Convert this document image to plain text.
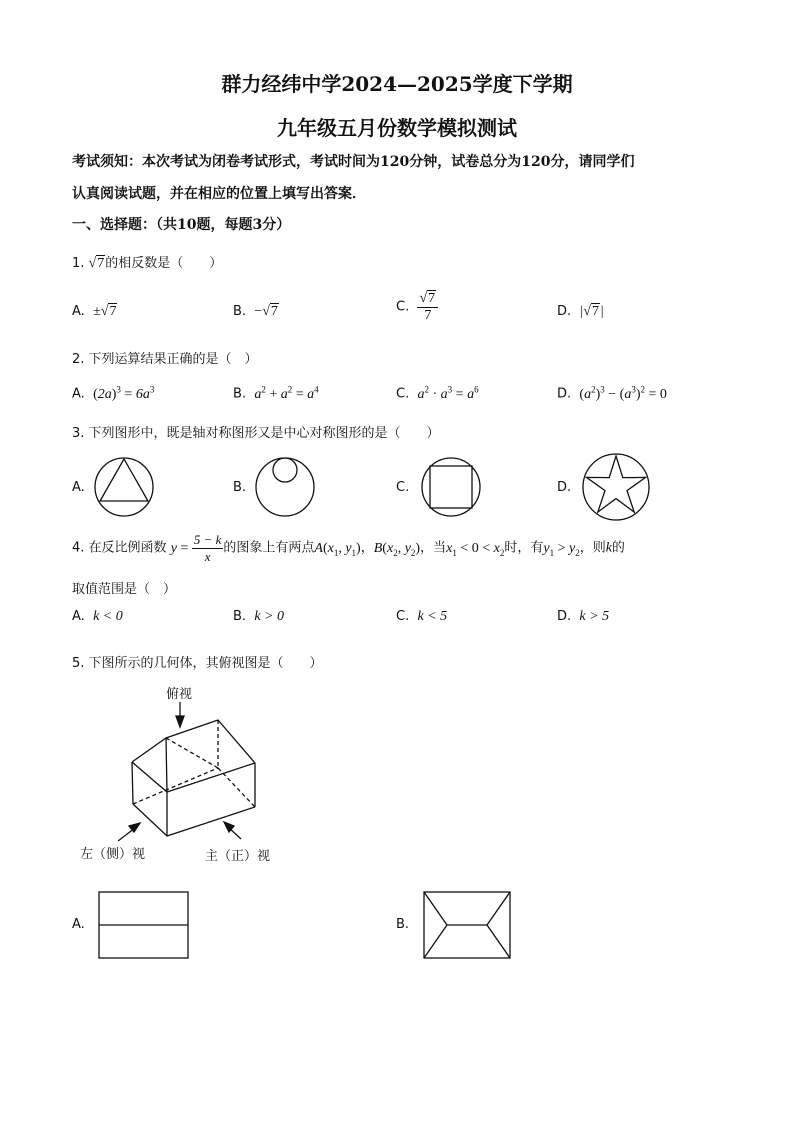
群力经纬中学2024—2025学度下学期
九年级五月份数学模拟测试
考试须知：本次考试为闭卷考试形式，考试时间为120分钟，试卷总分为120分，请同学们
认真阅读试题，并在相应的位置上填写出答案．
一、选择题：（共10题，每题3分）
1. √7的相反数是（　　）
A. ±√7	B. −√7	C. $\frac{√7}{7}$	D. |√7|
2. 下列运算结果正确的是（　）
A. $(2a)^3 = 6a^3$	B. $a^2 + a^2 = a^4$	C. $a^2 \cdot a^3 = a^6$	D. $(a^2)^3 - (a^3)^2 = 0$
3. 下列图形中，既是轴对称图形又是中心对称图形的是（　　）
A.	B.	C.	D.
4. 在反比例函数 $y = \frac{5 - k}{x}$ 的图象上有两点$A(x_1$, $y_1$)，$B(x_2$, $y_2$)，当$x_1 < 0 < x_2$时，有$y_1 > y_2$，则k的
取值范围是（　）
A. k < 0	B. k > 0	C. k < 5	D. k > 5
5. 下图所示的几何体，其俯视图是（　　）
俯视
左（侧）视	主（正）视
A.	B.
